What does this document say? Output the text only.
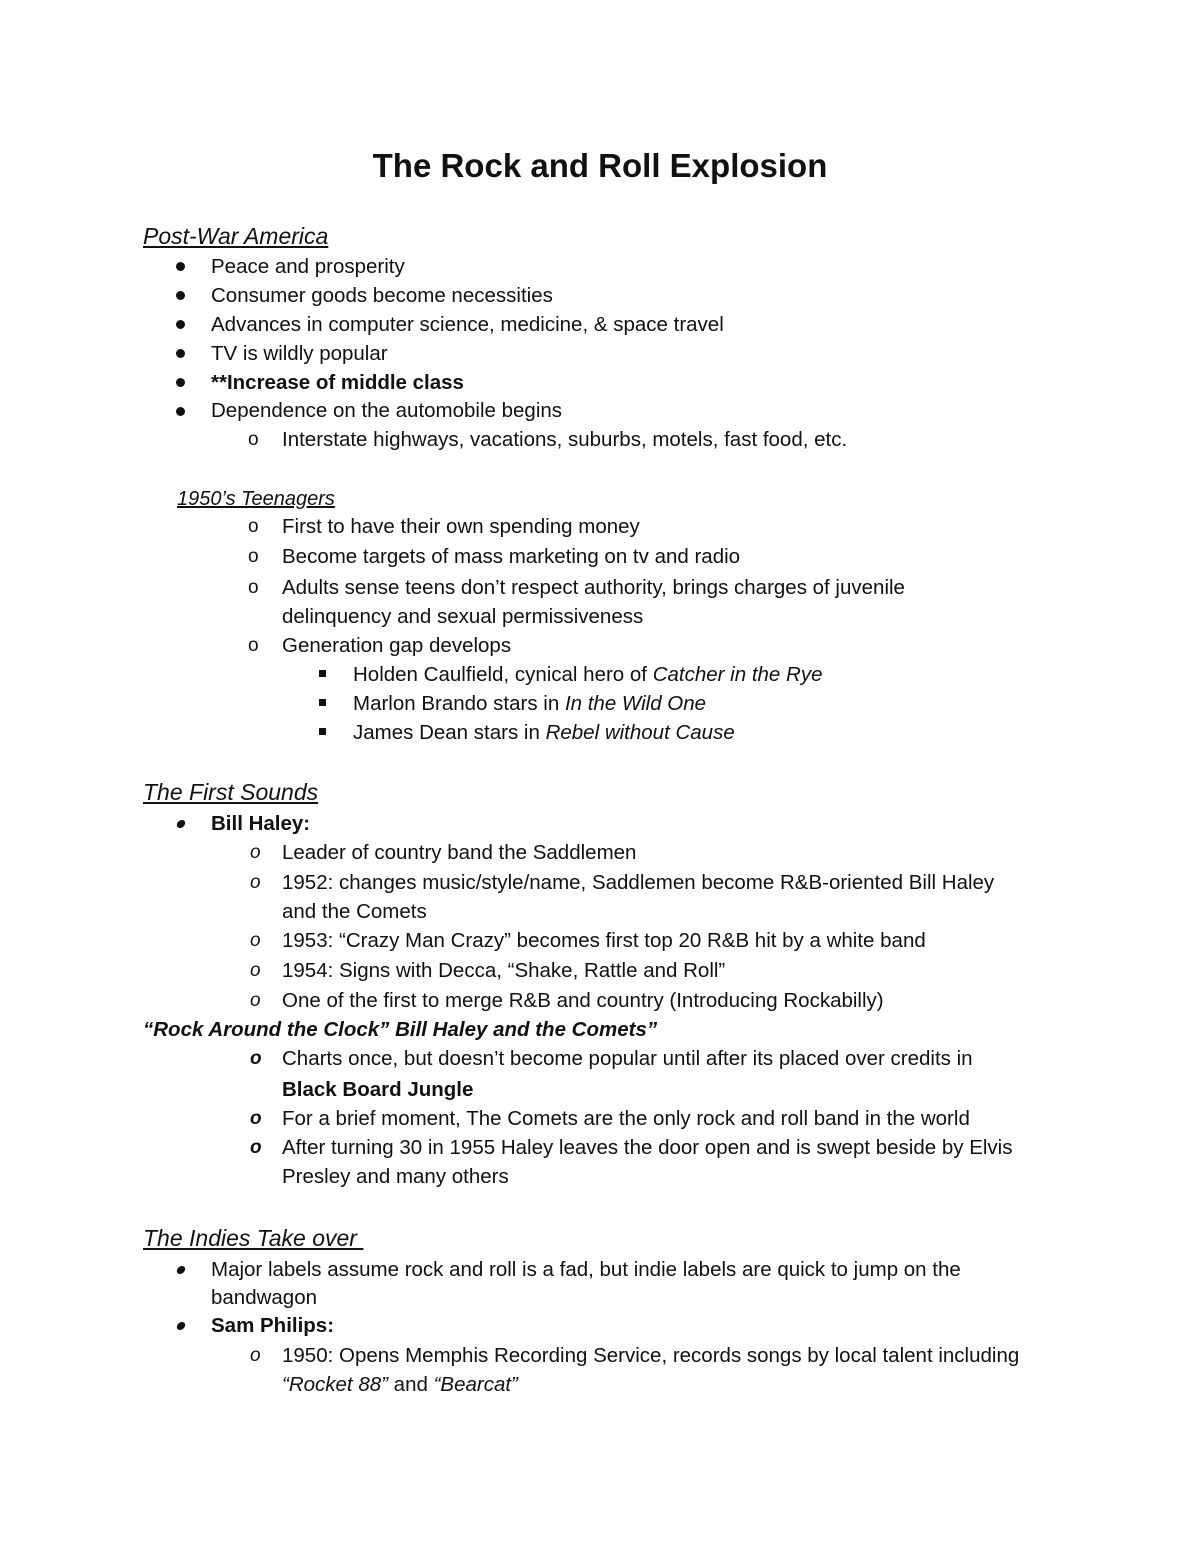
The Rock and Roll Explosion
Post-War America
Peace and prosperity
Consumer goods become necessities
Advances in computer science, medicine, & space travel
TV is wildly popular
**Increase of middle class
Dependence on the automobile begins
o Interstate highways, vacations, suburbs, motels, fast food, etc.
1950’s Teenagers
o First to have their own spending money
o Become targets of mass marketing on tv and radio
o Adults sense teens don’t respect authority, brings charges of juvenile
delinquency and sexual permissiveness
o Generation gap develops
Holden Caulfield, cynical hero of Catcher in the Rye
Marlon Brando stars in In the Wild One
James Dean stars in Rebel without Cause
The First Sounds
Bill Haley:
o Leader of country band the Saddlemen
o 1952: changes music/style/name, Saddlemen become R&B-oriented Bill Haley
and the Comets
o 1953: “Crazy Man Crazy” becomes first top 20 R&B hit by a white band
o 1954: Signs with Decca, “Shake, Rattle and Roll”
o One of the first to merge R&B and country (Introducing Rockabilly)
“Rock Around the Clock” Bill Haley and the Comets”
o Charts once, but doesn’t become popular until after its placed over credits in
Black Board Jungle
o For a brief moment, The Comets are the only rock and roll band in the world
o After turning 30 in 1955 Haley leaves the door open and is swept beside by Elvis
Presley and many others
The Indies Take over
Major labels assume rock and roll is a fad, but indie labels are quick to jump on the
bandwagon
Sam Philips:
o 1950: Opens Memphis Recording Service, records songs by local talent including
“Rocket 88” and “Bearcat”
